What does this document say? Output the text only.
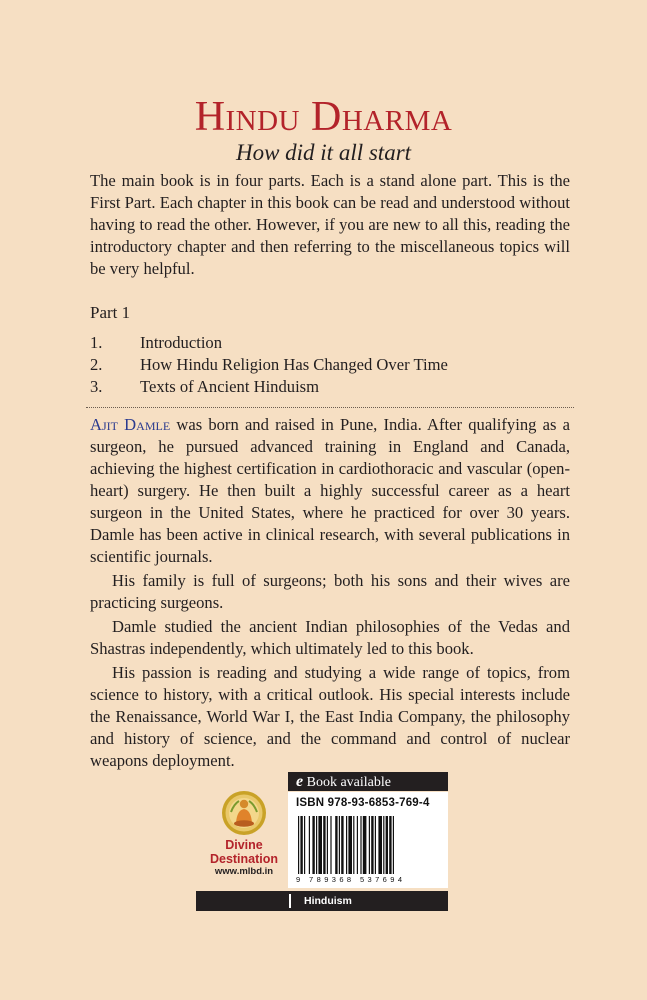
Hindu Dharma
How did it all start

The main book is in four parts. Each is a stand alone part. This is the First Part. Each chapter in this book can be read and understood without having to read the other. However, if you are new to all this, reading the introductory chapter and then referring to the miscellaneous topics will be very helpful.

Part 1
1.	Introduction
2.	How Hindu Religion Has Changed Over Time
3.	Texts of Ancient Hinduism

Ajit Damle was born and raised in Pune, India. After qualifying as a surgeon, he pursued advanced training in England and Canada, achieving the highest certification in cardiothoracic and vascular (open-heart) surgery. He then built a highly successful career as a heart surgeon in the United States, where he practiced for over 30 years. Damle has been active in clinical research, with several publications in scientific journals.

His family is full of surgeons; both his sons and their wives are practicing surgeons.

Damle studied the ancient Indian philosophies of the Vedas and Shastras independently, which ultimately led to this book.

His passion is reading and studying a wide range of topics, from science to history, with a critical outlook. His special interests include the Renaissance, World War I, the East India Company, the philosophy and history of science, and the command and control of nuclear weapons deployment.

Divine
Destination
www.mlbd.in
e Book available
ISBN 978-93-6853-769-4
9 789368 537694
Hinduism
